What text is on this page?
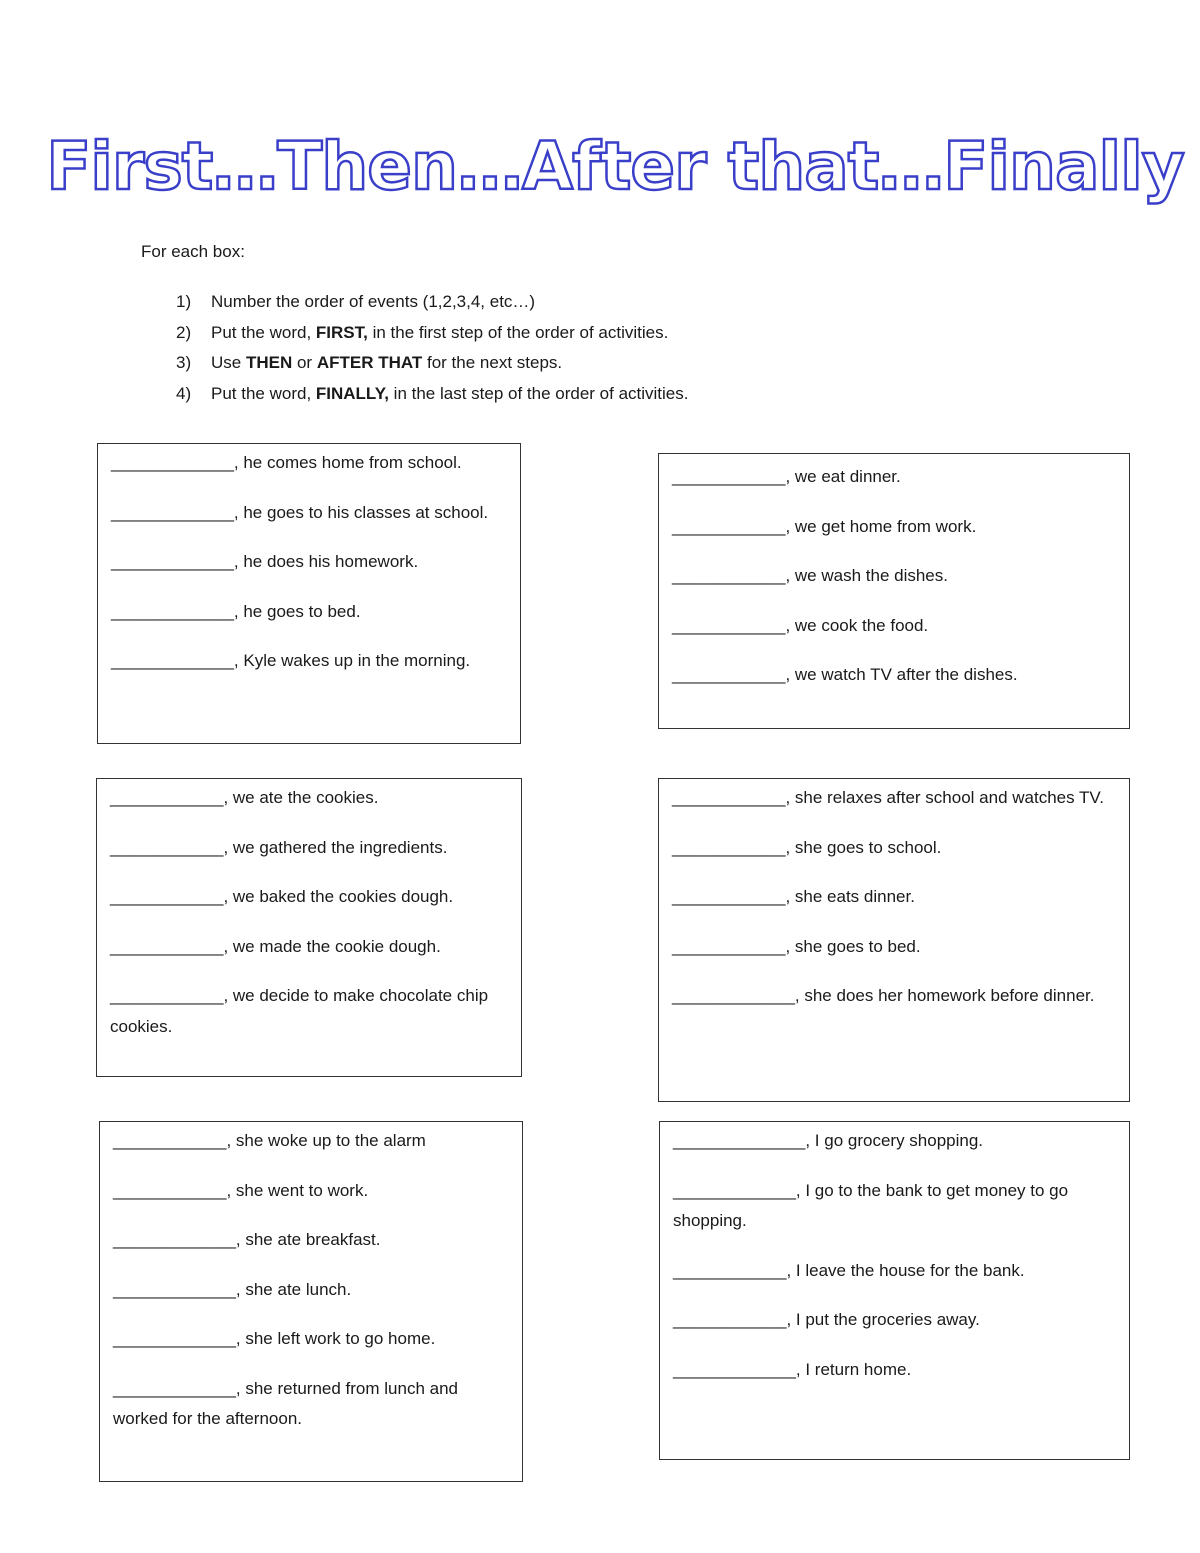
First…Then…After that…Finally

For each box:

1)	Number the order of events (1,2,3,4, etc…)
2)	Put the word, FIRST, in the first step of the order of activities.
3)	Use THEN or AFTER THAT for the next steps.
4)	Put the word, FINALLY, in the last step of the order of activities.

_____________, he comes home from school.

_____________, he goes to his classes at school.

_____________, he does his homework.

_____________, he goes to bed.

_____________, Kyle wakes up in the morning.

____________, we eat dinner.

____________, we get home from work.

____________, we wash the dishes.

____________, we cook the food.

____________, we watch TV after the dishes.

____________, we ate the cookies.

____________, we gathered the ingredients.

____________, we baked the cookies dough.

____________, we made the cookie dough.

____________, we decide to make chocolate chip cookies.

____________, she relaxes after school and watches TV.

____________, she goes to school.

____________, she eats dinner.

____________, she goes to bed.

_____________, she does her homework before dinner.

____________, she woke up to the alarm

____________, she went to work.

_____________, she ate breakfast.

_____________, she ate lunch.

_____________, she left work to go home.

_____________, she returned from lunch and worked for the afternoon.

______________, I go grocery shopping.

_____________, I go to the bank to get money to go shopping.

____________, I leave the house for the bank.

____________, I put the groceries away.

_____________, I return home.
